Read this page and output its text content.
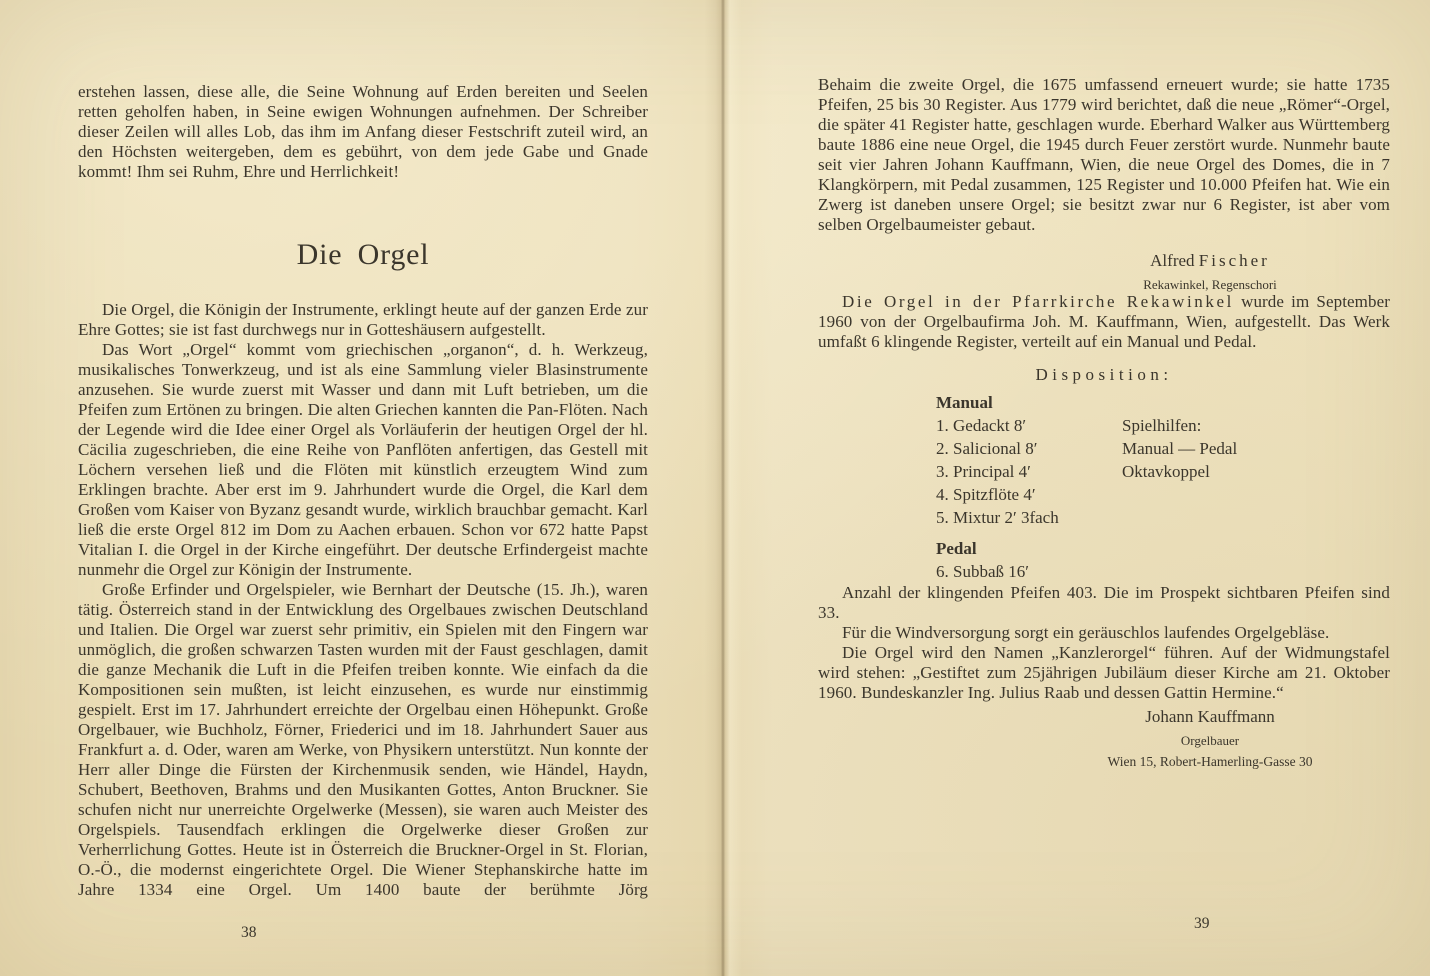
erstehen lassen, diese alle, die Seine Wohnung auf Erden bereiten und Seelen retten geholfen haben, in Seine ewigen Wohnungen aufnehmen. Der Schreiber dieser Zeilen will alles Lob, das ihm im Anfang dieser Festschrift zuteil wird, an den Höchsten weitergeben, dem es gebührt, von dem jede Gabe und Gnade kommt! Ihm sei Ruhm, Ehre und Herrlichkeit!

Die Orgel

Die Orgel, die Königin der Instrumente, erklingt heute auf der ganzen Erde zur Ehre Gottes; sie ist fast durchwegs nur in Gotteshäusern aufgestellt.

Das Wort „Orgel“ kommt vom griechischen „organon“, d. h. Werkzeug, musikalisches Tonwerkzeug, und ist als eine Sammlung vieler Blasinstrumente anzusehen. Sie wurde zuerst mit Wasser und dann mit Luft betrieben, um die Pfeifen zum Ertönen zu bringen. Die alten Griechen kannten die Pan-Flöten. Nach der Legende wird die Idee einer Orgel als Vorläuferin der heutigen Orgel der hl. Cäcilia zugeschrieben, die eine Reihe von Panflöten anfertigen, das Gestell mit Löchern versehen ließ und die Flöten mit künstlich erzeugtem Wind zum Erklingen brachte. Aber erst im 9. Jahrhundert wurde die Orgel, die Karl dem Großen vom Kaiser von Byzanz gesandt wurde, wirklich brauchbar gemacht. Karl ließ die erste Orgel 812 im Dom zu Aachen erbauen. Schon vor 672 hatte Papst Vitalian I. die Orgel in der Kirche eingeführt. Der deutsche Erfindergeist machte nunmehr die Orgel zur Königin der Instrumente.

Große Erfinder und Orgelspieler, wie Bernhart der Deutsche (15. Jh.), waren tätig. Österreich stand in der Entwicklung des Orgelbaues zwischen Deutschland und Italien. Die Orgel war zuerst sehr primitiv, ein Spielen mit den Fingern war unmöglich, die großen schwarzen Tasten wurden mit der Faust geschlagen, damit die ganze Mechanik die Luft in die Pfeifen treiben konnte. Wie einfach da die Kompositionen sein mußten, ist leicht einzusehen, es wurde nur einstimmig gespielt. Erst im 17. Jahrhundert erreichte der Orgelbau einen Höhepunkt. Große Orgelbauer, wie Buchholz, Förner, Friederici und im 18. Jahrhundert Sauer aus Frankfurt a. d. Oder, waren am Werke, von Physikern unterstützt. Nun konnte der Herr aller Dinge die Fürsten der Kirchenmusik senden, wie Händel, Haydn, Schubert, Beethoven, Brahms und den Musikanten Gottes, Anton Bruckner. Sie schufen nicht nur unerreichte Orgelwerke (Messen), sie waren auch Meister des Orgelspiels. Tausendfach erklingen die Orgelwerke dieser Großen zur Verherrlichung Gottes. Heute ist in Österreich die Bruckner-Orgel in St. Florian, O.-Ö., die modernst eingerichtete Orgel. Die Wiener Stephanskirche hatte im Jahre 1334 eine Orgel. Um 1400 baute der berühmte Jörg

38

Behaim die zweite Orgel, die 1675 umfassend erneuert wurde; sie hatte 1735 Pfeifen, 25 bis 30 Register. Aus 1779 wird berichtet, daß die neue „Römer“-Orgel, die später 41 Register hatte, geschlagen wurde. Eberhard Walker aus Württemberg baute 1886 eine neue Orgel, die 1945 durch Feuer zerstört wurde. Nunmehr baute seit vier Jahren Johann Kauffmann, Wien, die neue Orgel des Domes, die in 7 Klangkörpern, mit Pedal zusammen, 125 Register und 10.000 Pfeifen hat. Wie ein Zwerg ist daneben unsere Orgel; sie besitzt zwar nur 6 Register, ist aber vom selben Orgelbaumeister gebaut.

Alfred Fischer
Rekawinkel, Regenschori

Die Orgel in der Pfarrkirche Rekawinkel wurde im September 1960 von der Orgelbaufirma Joh. M. Kauffmann, Wien, aufgestellt. Das Werk umfaßt 6 klingende Register, verteilt auf ein Manual und Pedal.

Disposition:
Manual
1. Gedackt 8′
2. Salicional 8′
3. Principal 4′
4. Spitzflöte 4′
5. Mixtur 2′ 3fach
Pedal
6. Subbaß 16′
Spielhilfen:
Manual — Pedal
Oktavkoppel

Anzahl der klingenden Pfeifen 403. Die im Prospekt sichtbaren Pfeifen sind 33.

Für die Windversorgung sorgt ein geräuschlos laufendes Orgelgebläse.

Die Orgel wird den Namen „Kanzlerorgel“ führen. Auf der Widmungstafel wird stehen: „Gestiftet zum 25jährigen Jubiläum dieser Kirche am 21. Oktober 1960. Bundeskanzler Ing. Julius Raab und dessen Gattin Hermine.“

Johann Kauffmann
Orgelbauer
Wien 15, Robert-Hamerling-Gasse 30
39
